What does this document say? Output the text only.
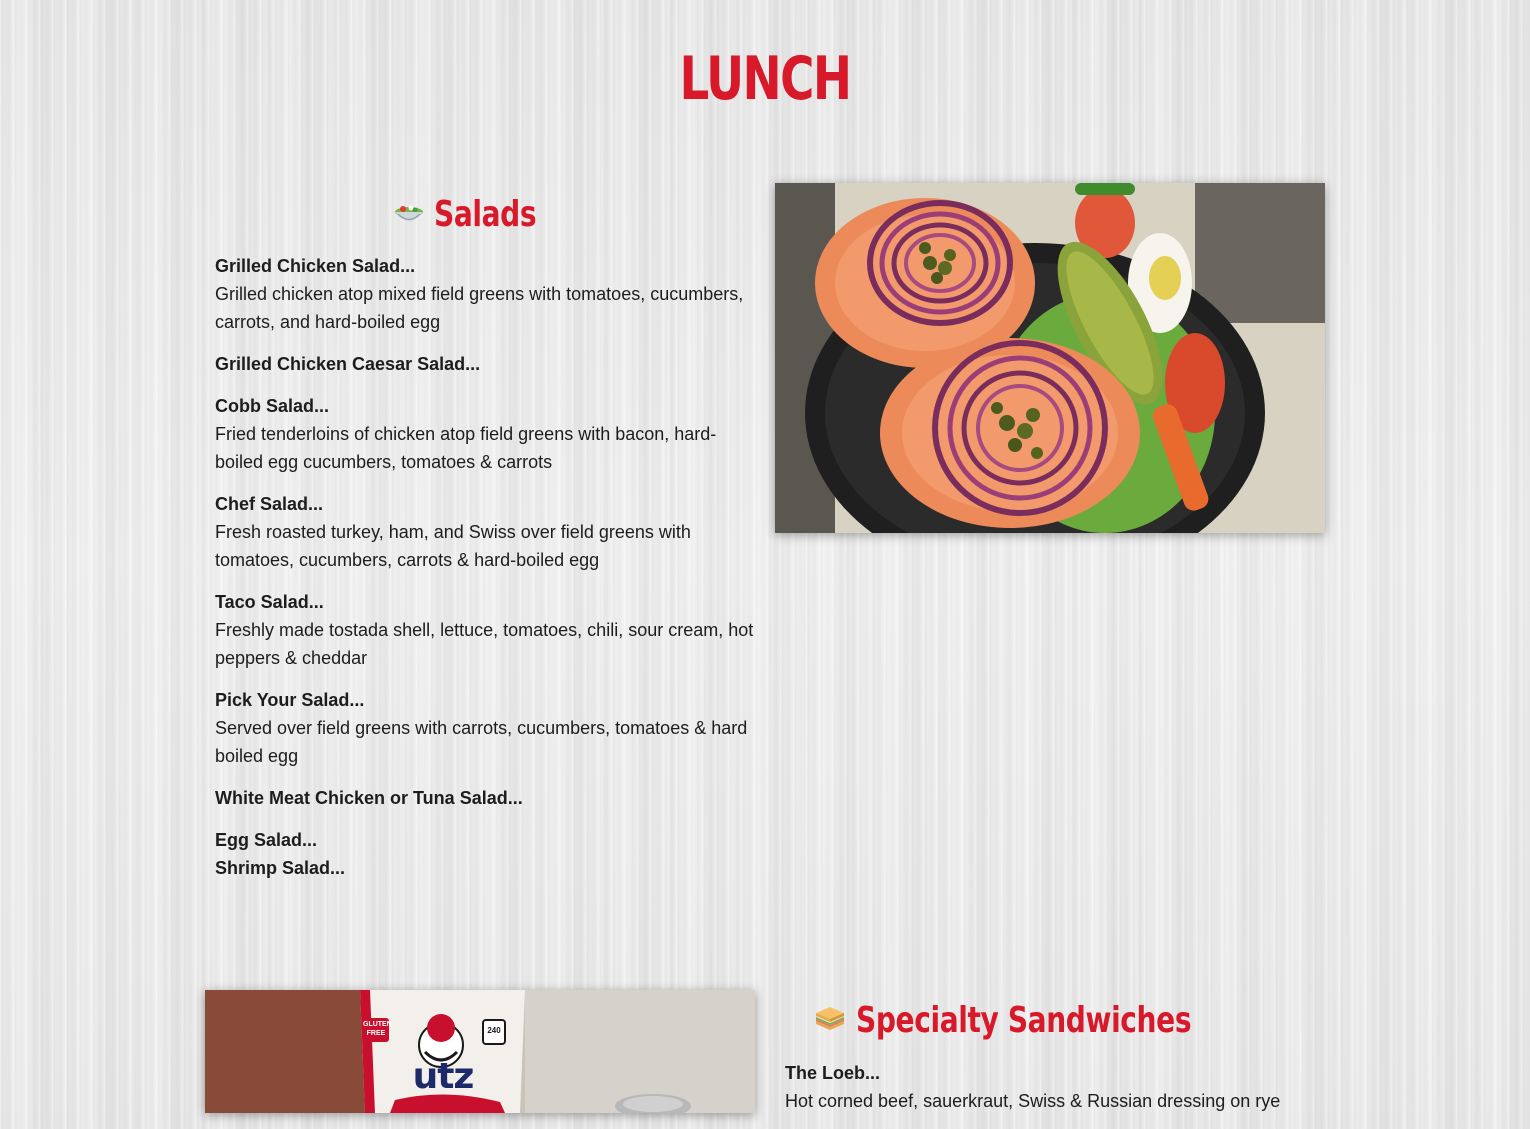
LUNCH
Salads
Grilled Chicken Salad...
Grilled chicken atop mixed field greens with tomatoes, cucumbers, carrots, and hard-boiled egg
Grilled Chicken Caesar Salad...
Cobb Salad...
Fried tenderloins of chicken atop field greens with bacon, hard-boiled egg cucumbers, tomatoes & carrots
Chef Salad...
Fresh roasted turkey, ham, and Swiss over field greens with tomatoes, cucumbers, carrots & hard-boiled egg
Taco Salad...
Freshly made tostada shell, lettuce, tomatoes, chili, sour cream, hot peppers & cheddar
Pick Your Salad...
Served over field greens with carrots, cucumbers, tomatoes & hard boiled egg
White Meat Chicken or Tuna Salad...
Egg Salad...
Shrimp Salad...
GLUTEN FREE	240
utz
Specialty Sandwiches
The Loeb...
Hot corned beef, sauerkraut, Swiss & Russian dressing on rye
